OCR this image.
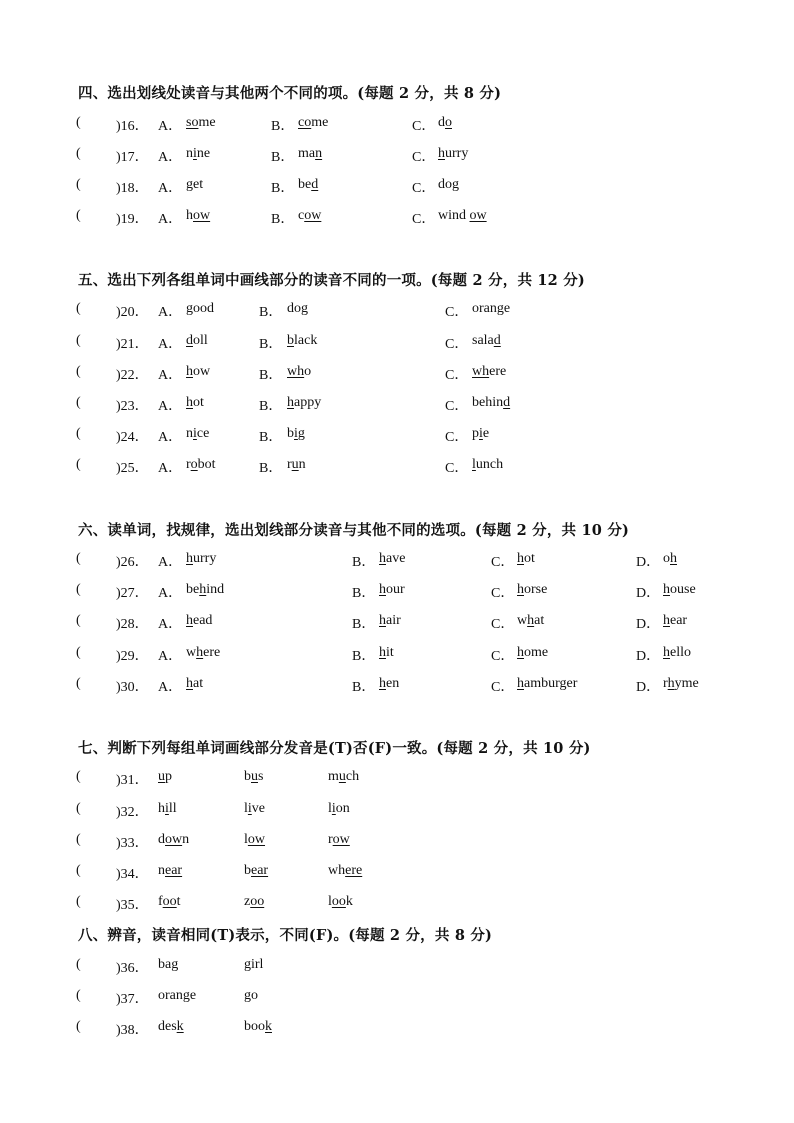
四、选出划线处读音与其他两个不同的项。(每题 2 分，共 8 分)
(	)16． A． some	B． come	C． do
(	)17． A． nine	B． man	C． hurry
(	)18． A． get	B． bed	C． dog
(	)19． A． how	B． cow	C． wind ow
五、选出下列各组单词中画线部分的读音不同的一项。(每题 2 分，共 12 分)
(	)20． A． good	B． dog	C． orange
(	)21． A． doll	B． black	C． salad
(	)22． A． how	B． who	C． where
(	)23． A． hot	B． happy	C． behind
(	)24． A． nice	B． big	C． pie
(	)25． A． robot	B． run	C． lunch
六、读单词，找规律，选出划线部分读音与其他不同的选项。(每题 2 分，共 10 分)
(	)26． A． hurry	B． have	C． hot	D． oh
(	)27． A． behind	B． hour	C． horse	D． house
(	)28． A． head	B． hair	C． what	D． hear
(	)29． A． where	B． hit	C． home	D． hello
(	)30． A． hat	B． hen	C． hamburger	D． rhyme
七、判断下列每组单词画线部分发音是(T)否(F)一致。(每题 2 分，共 10 分)
(	)31． up	bus	much
(	)32． hill	live	lion
(	)33． down	low	row
(	)34． near	bear	where
(	)35． foot	zoo	look
八、辨音，读音相同(T)表示，不同(F)。(每题 2 分，共 8 分)
(	)36． bag	girl
(	)37． orange	go
(	)38． desk	book
